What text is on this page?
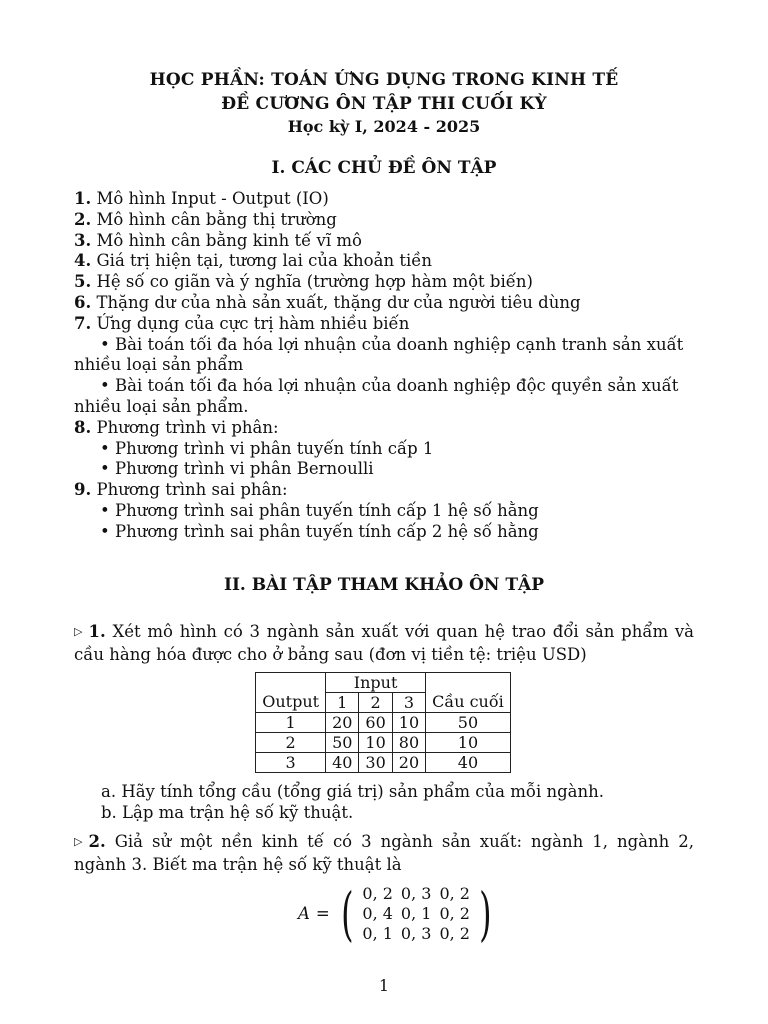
HỌC PHẦN: TOÁN ỨNG DỤNG TRONG KINH TẾ
ĐỀ CƯƠNG ÔN TẬP THI CUỐI KỲ
Học kỳ I, 2024 - 2025
I. CÁC CHỦ ĐỀ ÔN TẬP
1. Mô hình Input - Output (IO)
2. Mô hình cân bằng thị trường
3. Mô hình cân bằng kinh tế vĩ mô
4. Giá trị hiện tại, tương lai của khoản tiền
5. Hệ số co giãn và ý nghĩa (trường hợp hàm một biến)
6. Thặng dư của nhà sản xuất, thặng dư của người tiêu dùng
7. Ứng dụng của cực trị hàm nhiều biến
• Bài toán tối đa hóa lợi nhuận của doanh nghiệp cạnh tranh sản xuất nhiều loại sản phẩm
• Bài toán tối đa hóa lợi nhuận của doanh nghiệp độc quyền sản xuất nhiều loại sản phẩm.
8. Phương trình vi phân:
• Phương trình vi phân tuyến tính cấp 1
• Phương trình vi phân Bernoulli
9. Phương trình sai phân:
• Phương trình sai phân tuyến tính cấp 1 hệ số hằng
• Phương trình sai phân tuyến tính cấp 2 hệ số hằng
II. BÀI TẬP THAM KHẢO ÔN TẬP
▷ 1. Xét mô hình có 3 ngành sản xuất với quan hệ trao đổi sản phẩm và cầu hàng hóa được cho ở bảng sau (đơn vị tiền tệ: triệu USD)
	Input			
Output	1	2	3	Cầu cuối
1	20	60	10	50
2	50	10	80	10
3	40	30	20	40
a. Hãy tính tổng cầu (tổng giá trị) sản phẩm của mỗi ngành.
b. Lập ma trận hệ số kỹ thuật.
▷ 2. Giả sử một nền kinh tế có 3 ngành sản xuất: ngành 1, ngành 2, ngành 3. Biết ma trận hệ số kỹ thuật là
A = ( 0, 2	0, 3	0, 2
0, 4	0, 1	0, 2
0, 1	0, 3	0, 2 )
1
